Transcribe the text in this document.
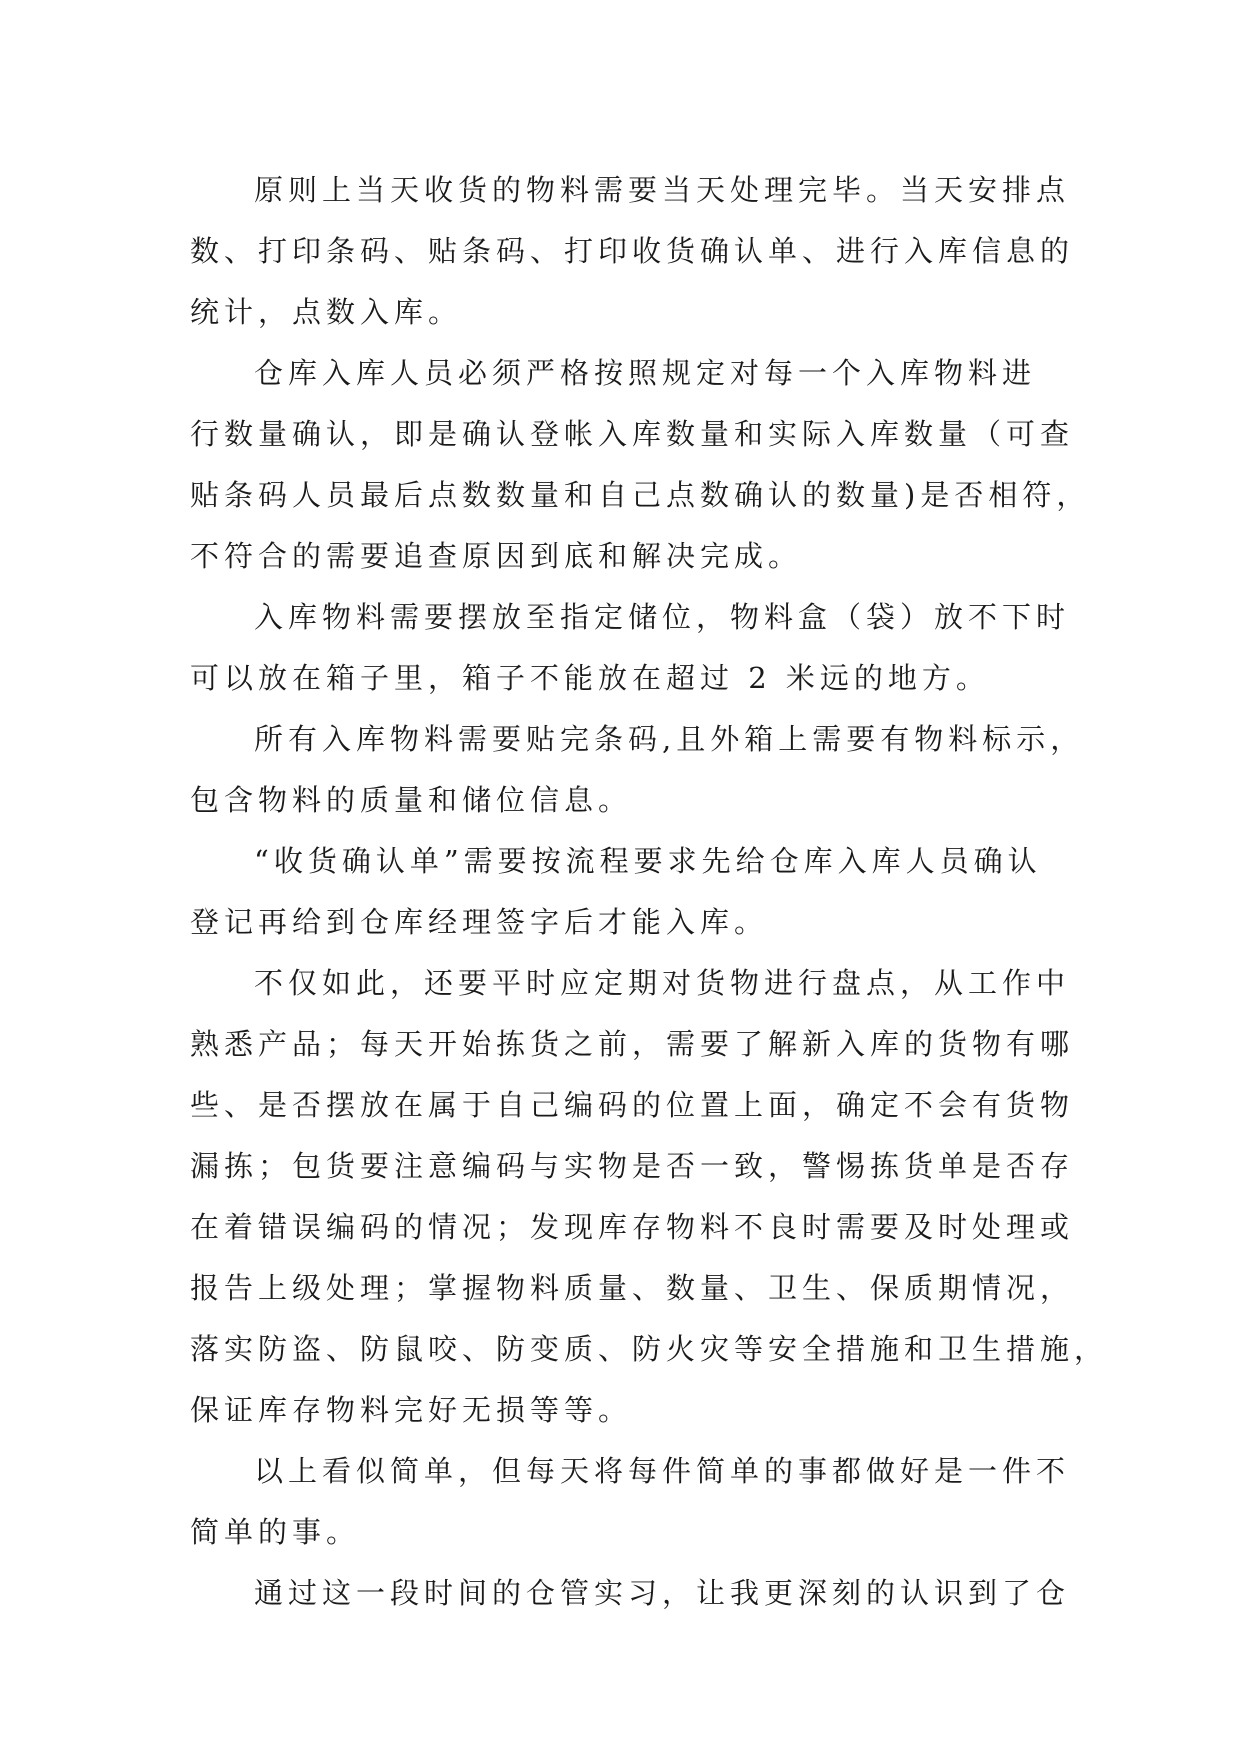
原则上当天收货的物料需要当天处理完毕。当天安排点
数、打印条码、贴条码、打印收货确认单、进行入库信息的
统计，点数入库。
仓库入库人员必须严格按照规定对每一个入库物料进
行数量确认，即是确认登帐入库数量和实际入库数量（可查
贴条码人员最后点数数量和自己点数确认的数量)是否相符，
不符合的需要追查原因到底和解决完成。
入库物料需要摆放至指定储位，物料盒（袋）放不下时
可以放在箱子里，箱子不能放在超过 2 米远的地方。
所有入库物料需要贴完条码,且外箱上需要有物料标示，
包含物料的质量和储位信息。
“收货确认单”需要按流程要求先给仓库入库人员确认
登记再给到仓库经理签字后才能入库。
不仅如此，还要平时应定期对货物进行盘点，从工作中
熟悉产品；每天开始拣货之前，需要了解新入库的货物有哪
些、是否摆放在属于自己编码的位置上面，确定不会有货物
漏拣；包货要注意编码与实物是否一致，警惕拣货单是否存
在着错误编码的情况；发现库存物料不良时需要及时处理或
报告上级处理；掌握物料质量、数量、卫生、保质期情况，
落实防盗、防鼠咬、防变质、防火灾等安全措施和卫生措施，
保证库存物料完好无损等等。
以上看似简单，但每天将每件简单的事都做好是一件不
简单的事。
通过这一段时间的仓管实习，让我更深刻的认识到了仓
